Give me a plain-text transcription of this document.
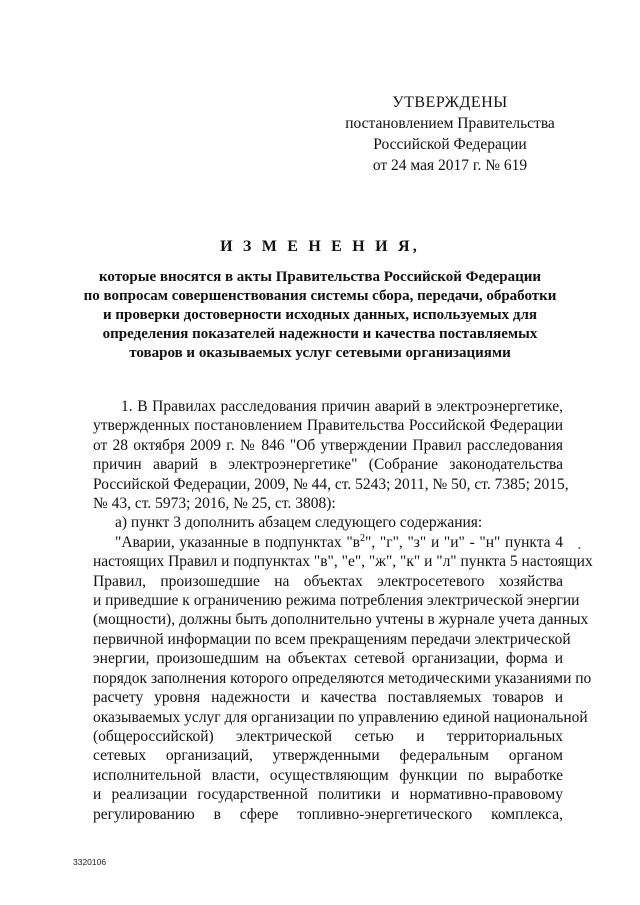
УТВЕРЖДЕНЫ
постановлением Правительства
Российской Федерации
от 24 мая 2017 г. № 619
И З М Е Н Е Н И Я,
которые вносятся в акты Правительства Российской Федерации
по вопросам совершенствования системы сбора, передачи, обработки
и проверки достоверности исходных данных, используемых для
определения показателей надежности и качества поставляемых
товаров и оказываемых услуг сетевыми организациями
1. В Правилах расследования причин аварий в электроэнергетике,
утвержденных постановлением Правительства Российской Федерации
от 28 октября 2009 г. № 846 "Об утверждении Правил расследования
причин аварий в электроэнергетике" (Собрание законодательства
Российской Федерации, 2009, № 44, ст. 5243; 2011, № 50, ст. 7385; 2015,
№ 43, ст. 5973; 2016, № 25, ст. 3808):
а) пункт 3 дополнить абзацем следующего содержания:
"Аварии, указанные в подпунктах "$в^2$", "г", "з" и "и" - "н" пункта 4
настоящих Правил и подпунктах "в", "е", "ж", "к" и "л" пункта 5 настоящих
Правил, произошедшие на объектах электросетевого хозяйства
и приведшие к ограничению режима потребления электрической энергии
(мощности), должны быть дополнительно учтены в журнале учета данных
первичной информации по всем прекращениям передачи электрической
энергии, произошедшим на объектах сетевой организации, форма и
порядок заполнения которого определяются методическими указаниями по
расчету уровня надежности и качества поставляемых товаров и
оказываемых услуг для организации по управлению единой национальной
(общероссийской) электрической сетью и территориальных
сетевых организаций, утвержденными федеральным органом
исполнительной власти, осуществляющим функции по выработке
и реализации государственной политики и нормативно-правовому
регулированию в сфере топливно-энергетического комплекса,
•
3320106
